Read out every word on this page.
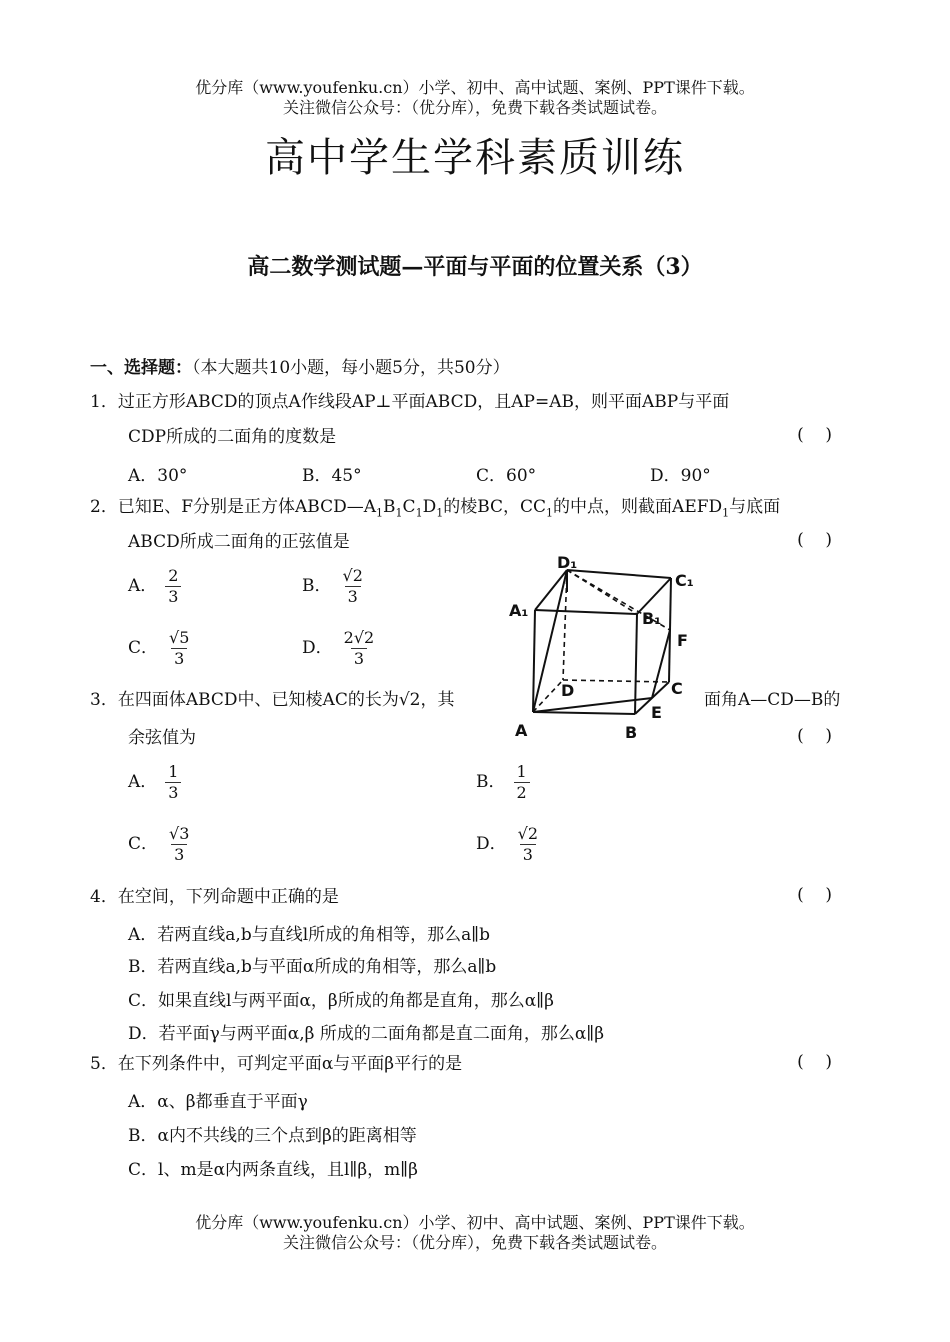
优分库（www.youfenku.cn）小学、初中、高中试题、案例、PPT课件下载。
关注微信公众号：（优分库），免费下载各类试题试卷。
高中学生学科素质训练
高二数学测试题—平面与平面的位置关系（3）
一、选择题：（本大题共10小题，每小题5分，共50分）
1．过正方形ABCD的顶点A作线段AP⊥平面ABCD，且AP=AB，则平面ABP与平面
CDP所成的二面角的度数是	(    )
A．30°	B．45°	C．60°	D．90°
2．已知E、F分别是正方体$ABCD—A_1B_1C_1D_1$的棱BC，$CC_1$的中点，则截面$AEFD_1$与底面
ABCD所成二面角的正弦值是	(    )
A． $\frac{2}{3}$	B． $\frac{√2}{3}$
C． $\frac{√5}{3}$	D． $\frac{2√2}{3}$
3．在四面体ABCD中、已知棱AC的长为√2，其	面角A—CD—B的
余弦值为	(    )
A． $\frac{1}{3}$	B． $\frac{1}{2}$
C． $\frac{√3}{3}$	D． $\frac{√2}{3}$
4．在空间，下列命题中正确的是	(    )
A．若两直线a,b与直线l所成的角相等，那么a∥b
B．若两直线a,b与平面α所成的角相等，那么a∥b
C．如果直线l与两平面α，β所成的角都是直角，那么α∥β
D．若平面γ与两平面α,β 所成的二面角都是直二面角，那么α∥β
5．在下列条件中，可判定平面α与平面β平行的是	(    )
A．α、β都垂直于平面γ
B．α内不共线的三个点到β的距离相等
C．l、m是α内两条直线，且l∥β，m∥β
D₁
C₁
A₁	B₁
F
D	C
A	B
E
优分库（www.youfenku.cn）小学、初中、高中试题、案例、PPT课件下载。
关注微信公众号：（优分库），免费下载各类试题试卷。
